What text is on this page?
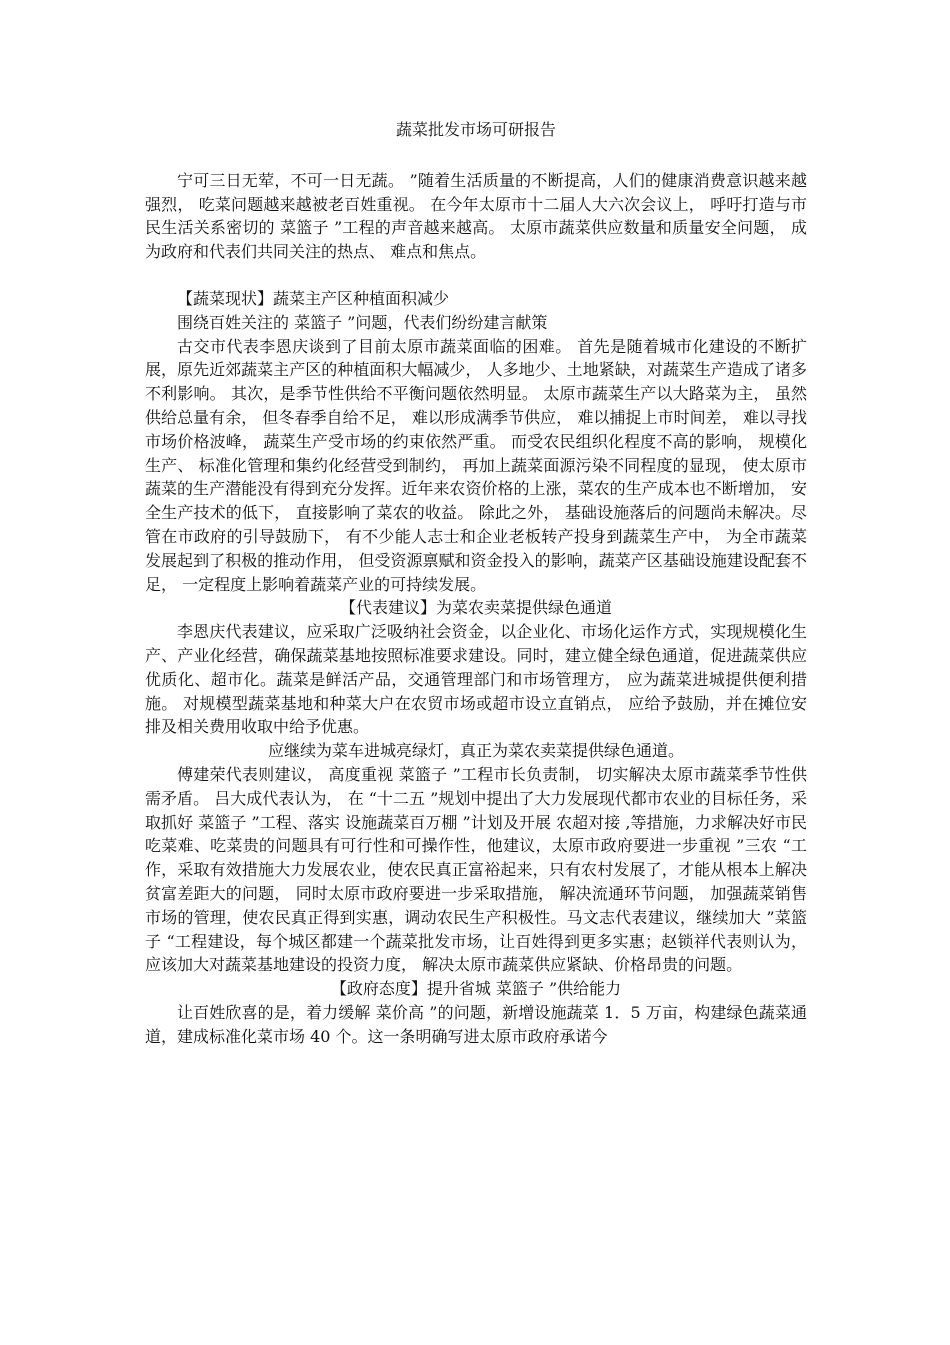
蔬菜批发市场可研报告

宁可三日无荤，不可一日无蔬。 ”随着生活质量的不断提高，人们的健康消费意识越来越强烈， 吃菜问题越来越被老百姓重视。 在今年太原市十二届人大六次会议上， 呼吁打造与市民生活关系密切的 菜篮子 ”工程的声音越来越高。 太原市蔬菜供应数量和质量安全问题， 成为政府和代表们共同关注的热点、 难点和焦点。

【蔬菜现状】蔬菜主产区种植面积减少

围绕百姓关注的 菜篮子 ”问题，代表们纷纷建言献策

古交市代表李恩庆谈到了目前太原市蔬菜面临的困难。 首先是随着城市化建设的不断扩展，原先近郊蔬菜主产区的种植面积大幅减少， 人多地少、土地紧缺，对蔬菜生产造成了诸多不利影响。 其次，是季节性供给不平衡问题依然明显。 太原市蔬菜生产以大路菜为主， 虽然供给总量有余， 但冬春季自给不足， 难以形成满季节供应， 难以捕捉上市时间差， 难以寻找市场价格波峰， 蔬菜生产受市场的约束依然严重。 而受农民组织化程度不高的影响， 规模化生产、 标准化管理和集约化经营受到制约， 再加上蔬菜面源污染不同程度的显现， 使太原市蔬菜的生产潜能没有得到充分发挥。近年来农资价格的上涨，菜农的生产成本也不断增加， 安全生产技术的低下， 直接影响了菜农的收益。 除此之外， 基础设施落后的问题尚未解决。尽管在市政府的引导鼓励下， 有不少能人志士和企业老板转产投身到蔬菜生产中， 为全市蔬菜发展起到了积极的推动作用， 但受资源禀赋和资金投入的影响，蔬菜产区基础设施建设配套不足， 一定程度上影响着蔬菜产业的可持续发展。

【代表建议】为菜农卖菜提供绿色通道

李恩庆代表建议，应采取广泛吸纳社会资金，以企业化、市场化运作方式，实现规模化生产、产业化经营，确保蔬菜基地按照标准要求建设。同时，建立健全绿色通道，促进蔬菜供应优质化、超市化。蔬菜是鲜活产品，交通管理部门和市场管理方， 应为蔬菜进城提供便利措施。 对规模型蔬菜基地和种菜大户在农贸市场或超市设立直销点， 应给予鼓励，并在摊位安排及相关费用收取中给予优惠。

应继续为菜车进城亮绿灯，真正为菜农卖菜提供绿色通道。

傅建荣代表则建议， 高度重视 菜篮子 ”工程市长负责制， 切实解决太原市蔬菜季节性供需矛盾。 吕大成代表认为， 在 “十二五 ”规划中提出了大力发展现代都市农业的目标任务，采取抓好 菜篮子 ”工程、落实 设施蔬菜百万棚 ”计划及开展 农超对接 ,等措施，力求解决好市民吃菜难、吃菜贵的问题具有可行性和可操作性，他建议，太原市政府要进一步重视 ”三农 “工作，采取有效措施大力发展农业，使农民真正富裕起来，只有农村发展了，才能从根本上解决贫富差距大的问题， 同时太原市政府要进一步采取措施， 解决流通环节问题， 加强蔬菜销售市场的管理，使农民真正得到实惠，调动农民生产积极性。马文志代表建议，继续加大 ”菜篮子 “工程建设，每个城区都建一个蔬菜批发市场，让百姓得到更多实惠；赵锁祥代表则认为， 应该加大对蔬菜基地建设的投资力度， 解决太原市蔬菜供应紧缺、价格昂贵的问题。

【政府态度】提升省城 菜篮子 ”供给能力

让百姓欣喜的是，着力缓解 菜价高 ”的问题，新增设施蔬菜 1．5 万亩，构建绿色蔬菜通道，建成标准化菜市场 40 个。这一条明确写进太原市政府承诺今
